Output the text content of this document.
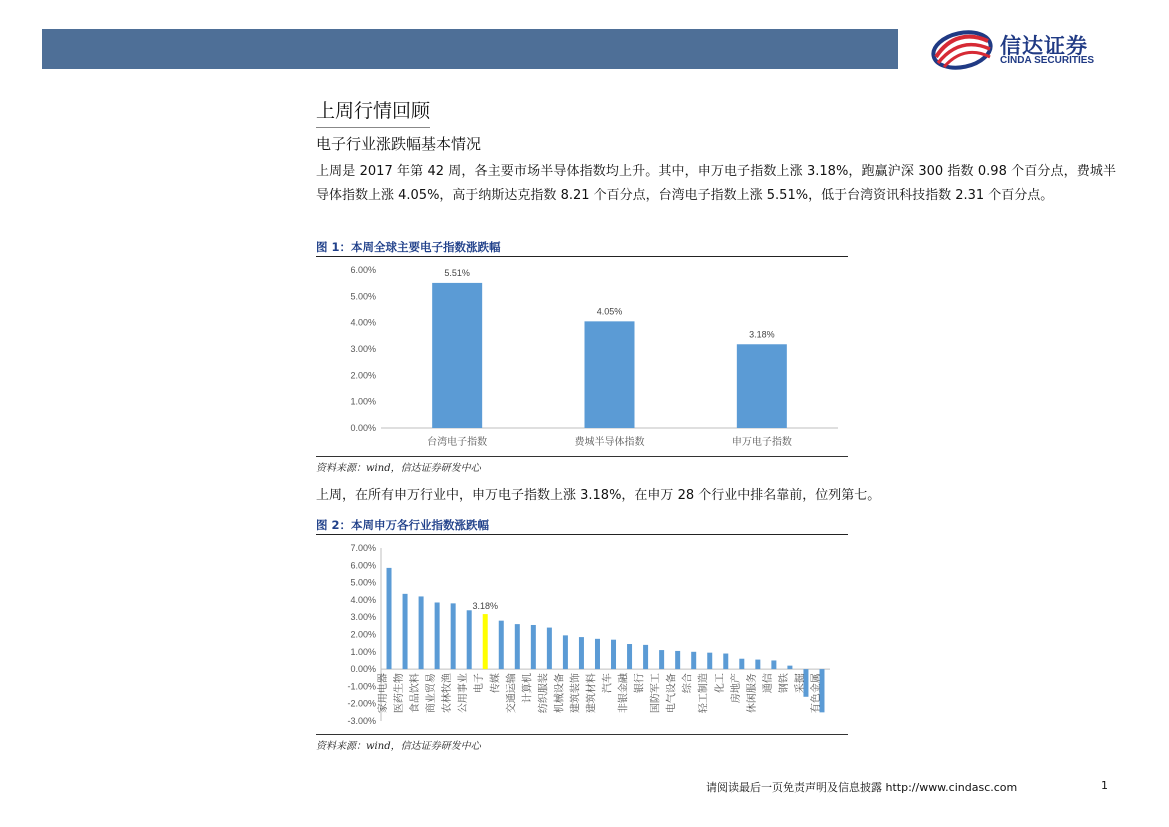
信达证券
CINDA SECURITIES
上周行情回顾
电子行业涨跌幅基本情况
上周是 2017 年第 42 周，各主要市场半导体指数均上升。其中，申万电子指数上涨 3.18%，跑赢沪深 300 指数 0.98 个百分点，费城半导体指数上涨 4.05%，高于纳斯达克指数 8.21 个百分点，台湾电子指数上涨 5.51%，低于台湾资讯科技指数 2.31 个百分点。
图 1：本周全球主要电子指数涨跌幅
0.00%
1.00%
2.00%
3.00%
4.00%
5.00%
6.00%	5.51%
台湾电子指数
4.05%
费城半导体指数
3.18%
申万电子指数
资料来源：wind，信达证券研发中心
上周，在所有申万行业中，申万电子指数上涨 3.18%，在申万 28 个行业中排名靠前，位列第七。
图 2：本周申万各行业指数涨跌幅
-3.00%
-2.00%
-1.00%
0.00%
1.00%
2.00%
3.00%
4.00%
5.00%
6.00%
7.00%
家用电器 医药生物 食品饮料 商业贸易 农林牧渔 公用事业
3.18%
电子 传媒 交通运输 计算机 纺织服装 机械设备 建筑装饰 建筑材料 汽车 非银金融 银行 国防军工 电气设备 综合 轻工制造 化工 房地产 休闲服务 通信 钢铁 采掘 有色金属
资料来源：wind，信达证券研发中心
请阅读最后一页免责声明及信息披露 http://www.cindasc.com	1
